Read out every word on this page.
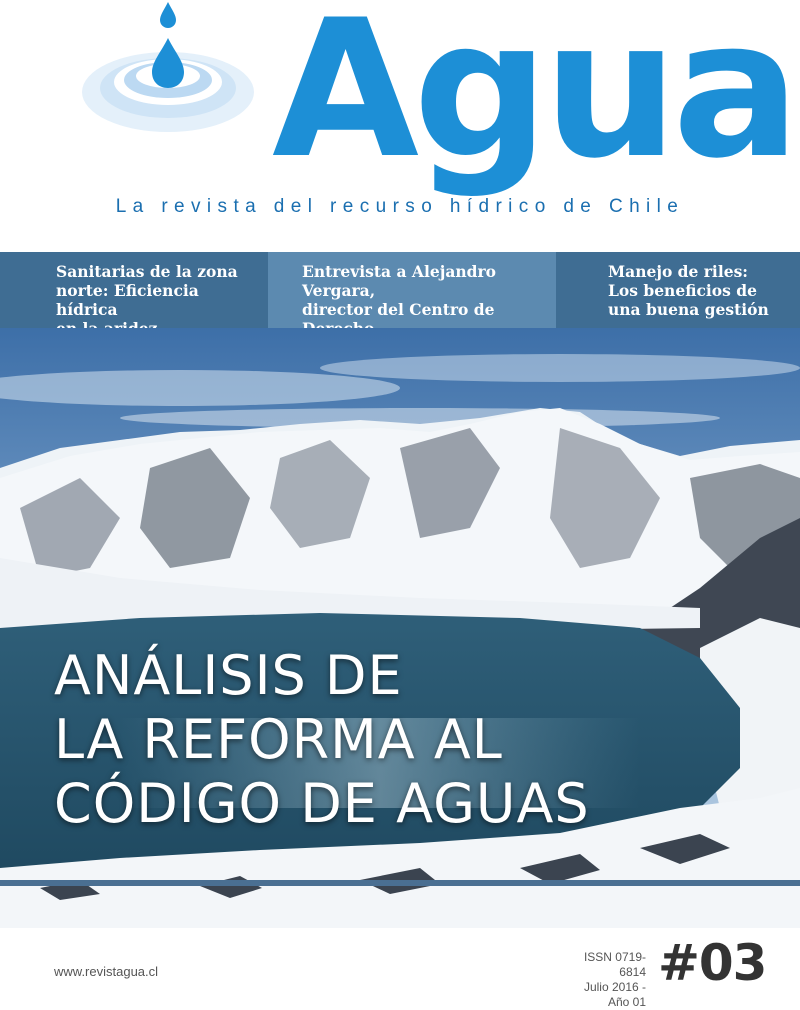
Agua
La revista del recurso hídrico de Chile
Sanitarias de la zona
norte: Eficiencia hídrica
Entrevista a Alejandro Vergara,
director del Centro de
Manejo de riles:
Los beneficios de
una buena gestión
ANÁLISIS DE
LA REFORMA AL
CÓDIGO DE AGUAS
www.revistagua.cl
ISSN 0719-6814
Julio 2016 - Año 01
#03
